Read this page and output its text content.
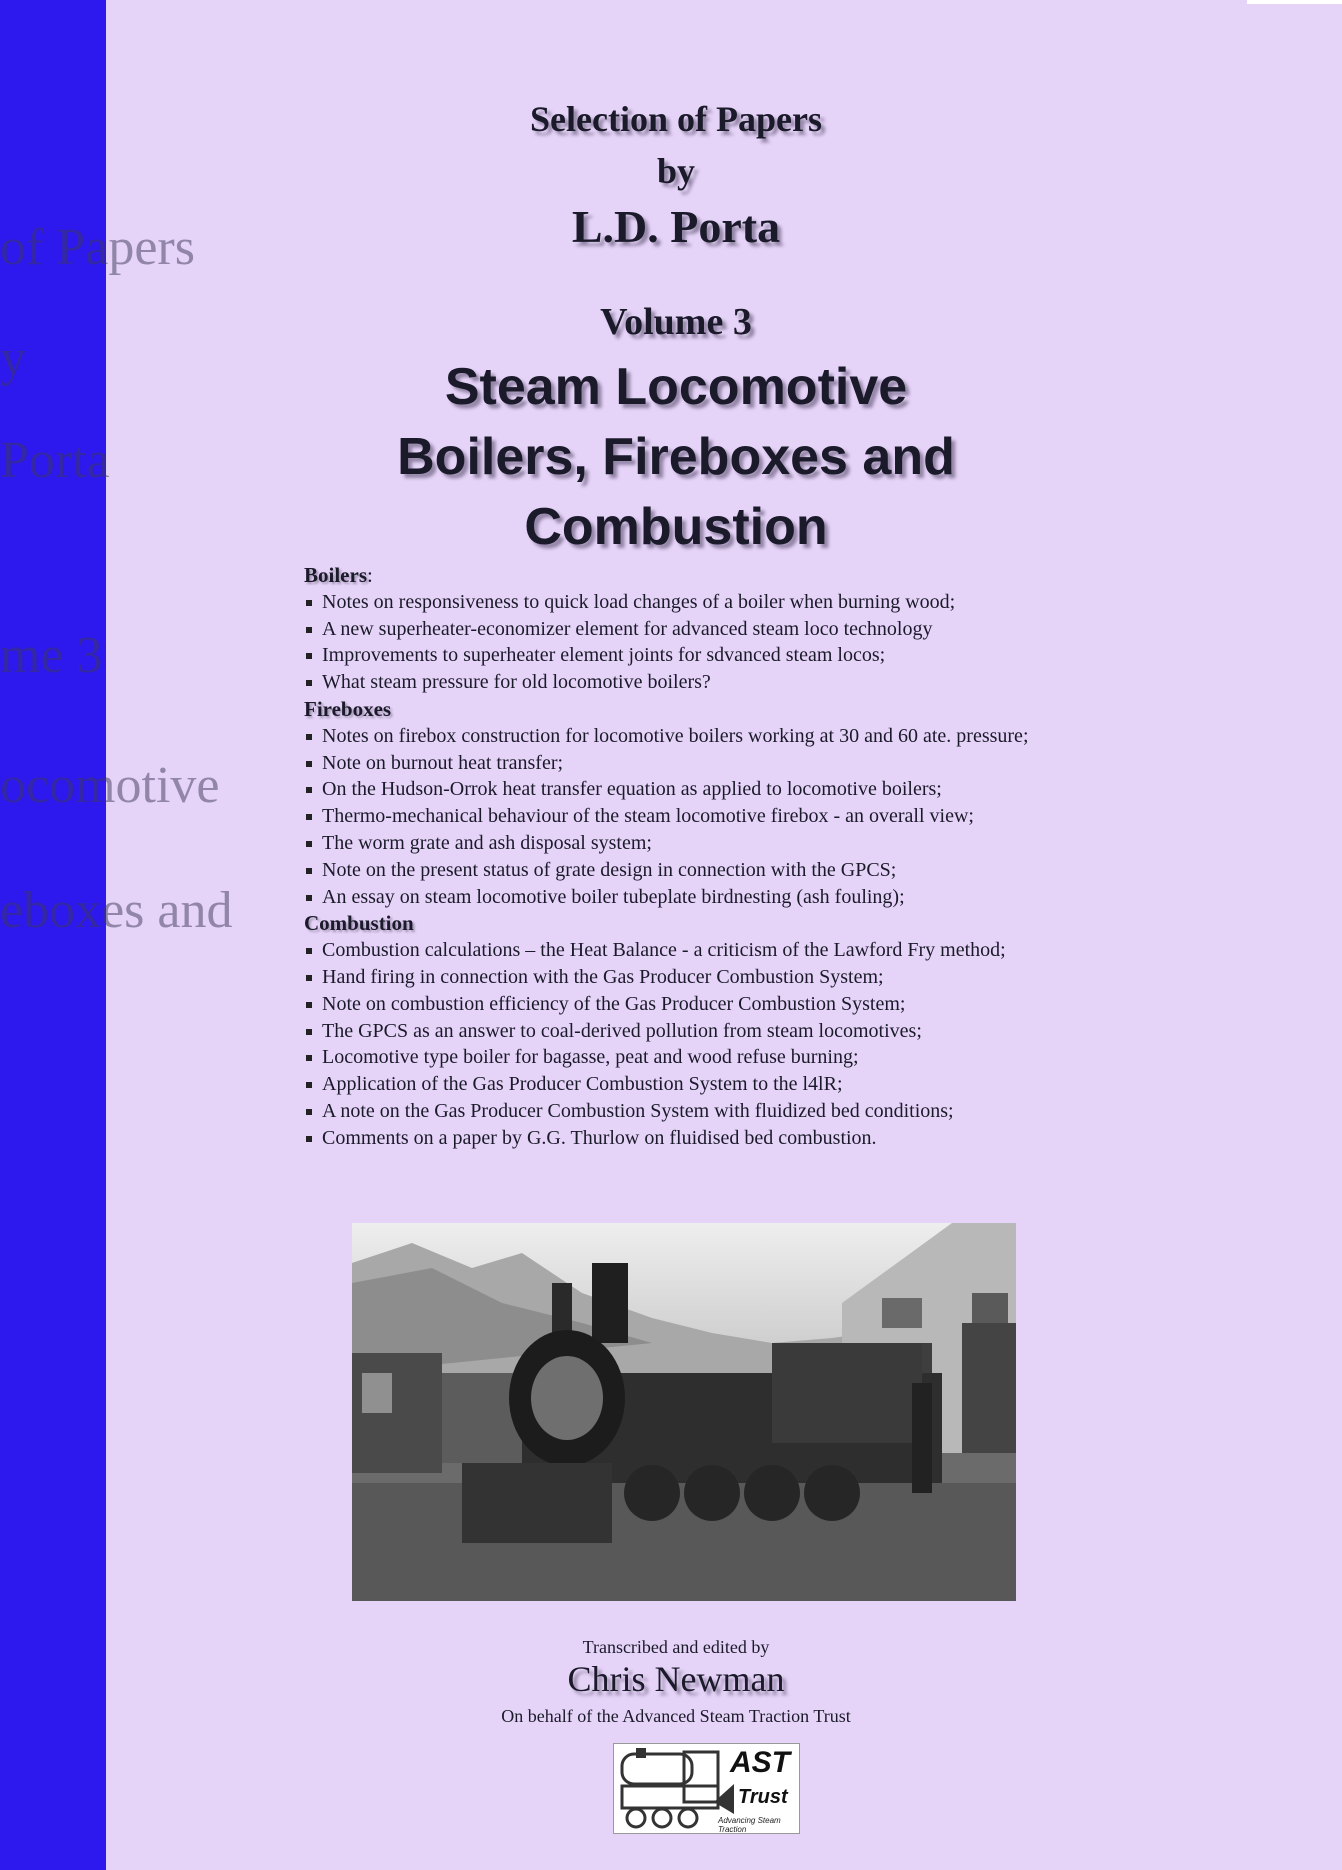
of Papers
y
Porta
me 3
ocomotive
eboxes and
Selection of Papers
by
L.D. Porta
Volume 3
Steam Locomotive
Boilers, Fireboxes and
Combustion
Boilers:
Notes on responsiveness to quick load changes of a boiler when burning wood;
A new superheater-economizer element for advanced steam loco technology
Improvements to superheater element joints for sdvanced steam locos;
What steam pressure for old locomotive boilers?
Fireboxes
Notes on firebox construction for locomotive boilers working at 30 and 60 ate. pressure;
Note on burnout heat transfer;
On the Hudson-Orrok heat transfer equation as applied to locomotive boilers;
Thermo-mechanical behaviour of the steam locomotive firebox - an overall view;
The worm grate and ash disposal system;
Note on the present status of grate design in connection with the GPCS;
An essay on steam locomotive boiler tubeplate birdnesting (ash fouling);
Combustion
Combustion calculations – the Heat Balance - a criticism of the Lawford Fry method;
Hand firing in connection with the Gas Producer Combustion System;
Note on combustion efficiency of the Gas Producer Combustion System;
The GPCS as an answer to coal-derived pollution from steam locomotives;
Locomotive type boiler for bagasse, peat and wood refuse burning;
Application of the Gas Producer Combustion System to the l4lR;
A note on the Gas Producer Combustion System with fluidized bed conditions;
Comments on a paper by G.G. Thurlow on fluidised bed combustion.
Transcribed and edited by
Chris Newman
On behalf of the Advanced Steam Traction Trust
AST
Trust
Advancing Steam Traction
